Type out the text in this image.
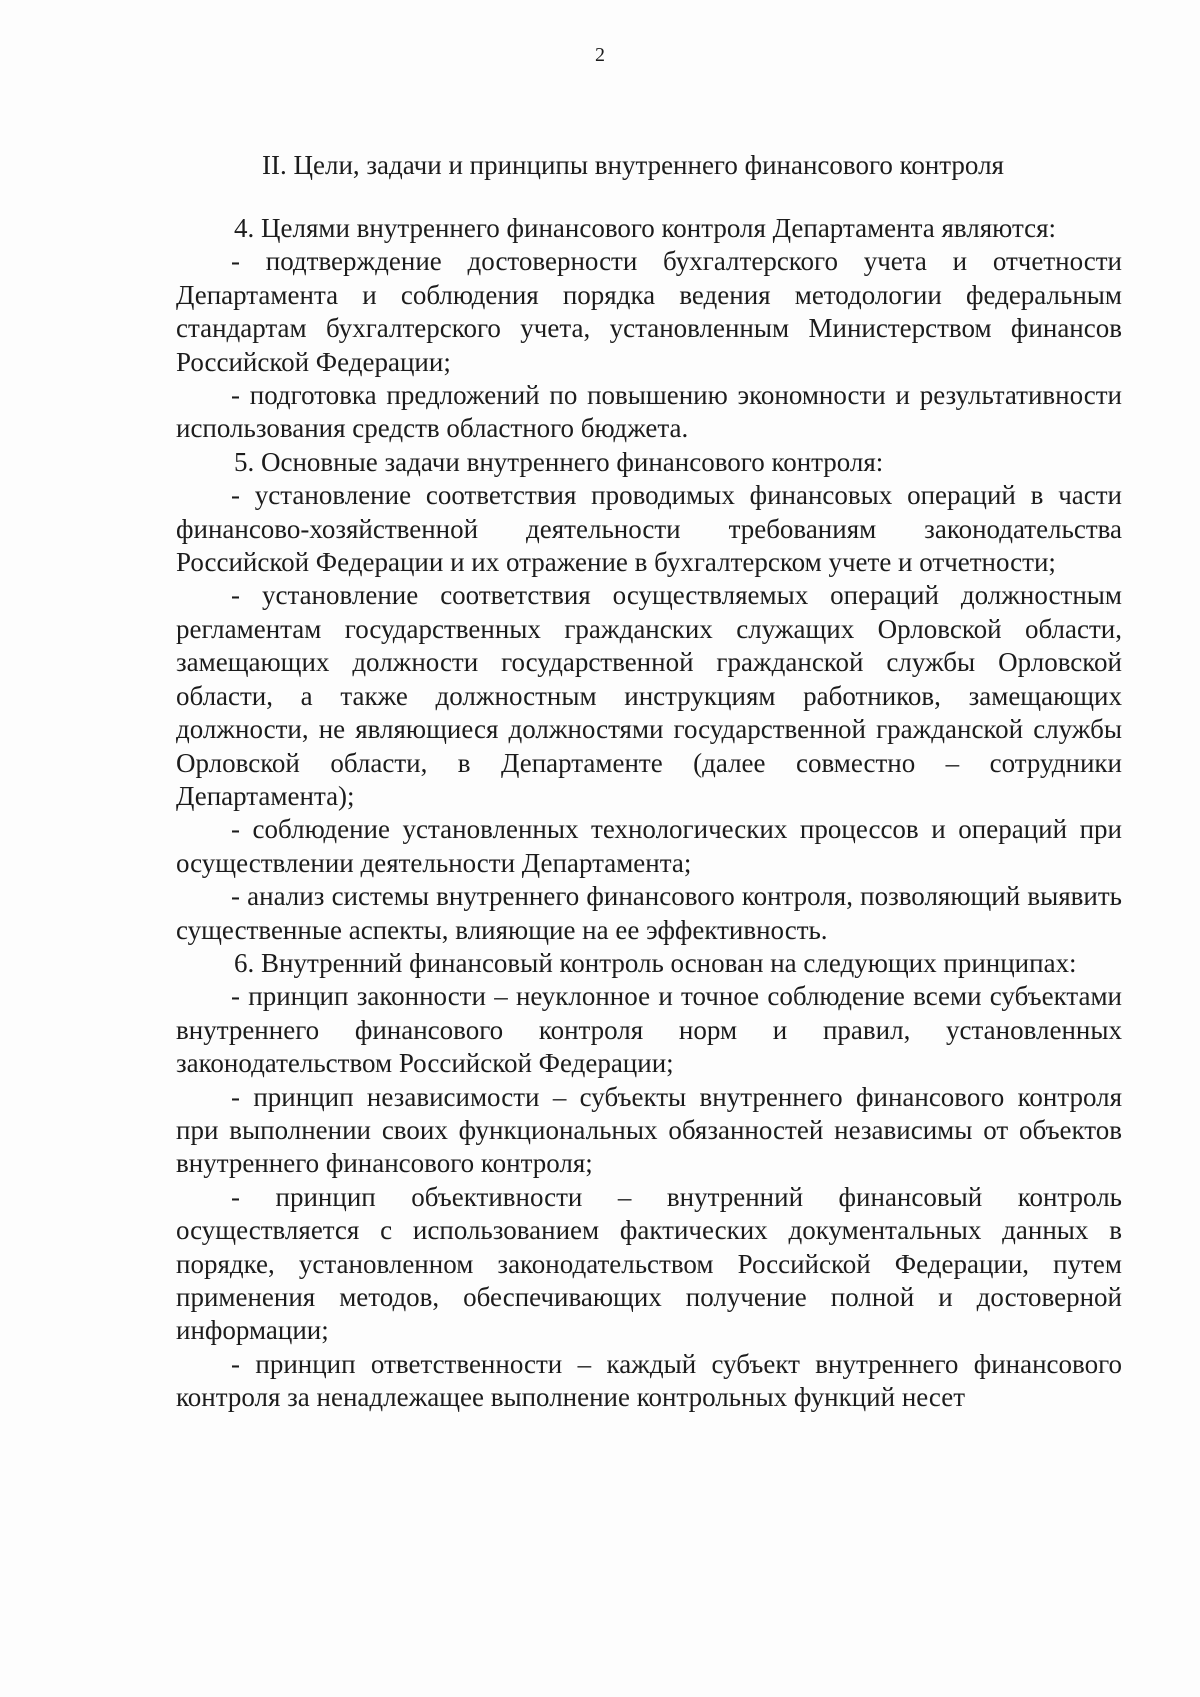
2
II. Цели, задачи и принципы внутреннего финансового контроля

4. Целями внутреннего финансового контроля Департамента являются:

- подтверждение достоверности бухгалтерского учета и отчетности Департамента и соблюдения порядка ведения методологии федеральным стандартам бухгалтерского учета, установленным Министерством финансов Российской Федерации;

- подготовка предложений по повышению экономности и результативности использования средств областного бюджета.

5. Основные задачи внутреннего финансового контроля:

- установление соответствия проводимых финансовых операций в части финансово-хозяйственной деятельности требованиям законодательства Российской Федерации и их отражение в бухгалтерском учете и отчетности;

- установление соответствия осуществляемых операций должностным регламентам государственных гражданских служащих Орловской области, замещающих должности государственной гражданской службы Орловской области, а также должностным инструкциям работников, замещающих должности, не являющиеся должностями государственной гражданской службы Орловской области, в Департаменте (далее совместно – сотрудники Департамента);

- соблюдение установленных технологических процессов и операций при осуществлении деятельности Департамента;

- анализ системы внутреннего финансового контроля, позволяющий выявить существенные аспекты, влияющие на ее эффективность.

6. Внутренний финансовый контроль основан на следующих принципах:

- принцип законности – неуклонное и точное соблюдение всеми субъектами внутреннего финансового контроля норм и правил, установленных законодательством Российской Федерации;

- принцип независимости – субъекты внутреннего финансового контроля при выполнении своих функциональных обязанностей независимы от объектов внутреннего финансового контроля;

- принцип объективности – внутренний финансовый контроль осуществляется с использованием фактических документальных данных в порядке, установленном законодательством Российской Федерации, путем применения методов, обеспечивающих получение полной и достоверной информации;

- принцип ответственности – каждый субъект внутреннего финансового контроля за ненадлежащее выполнение контрольных функций несет
